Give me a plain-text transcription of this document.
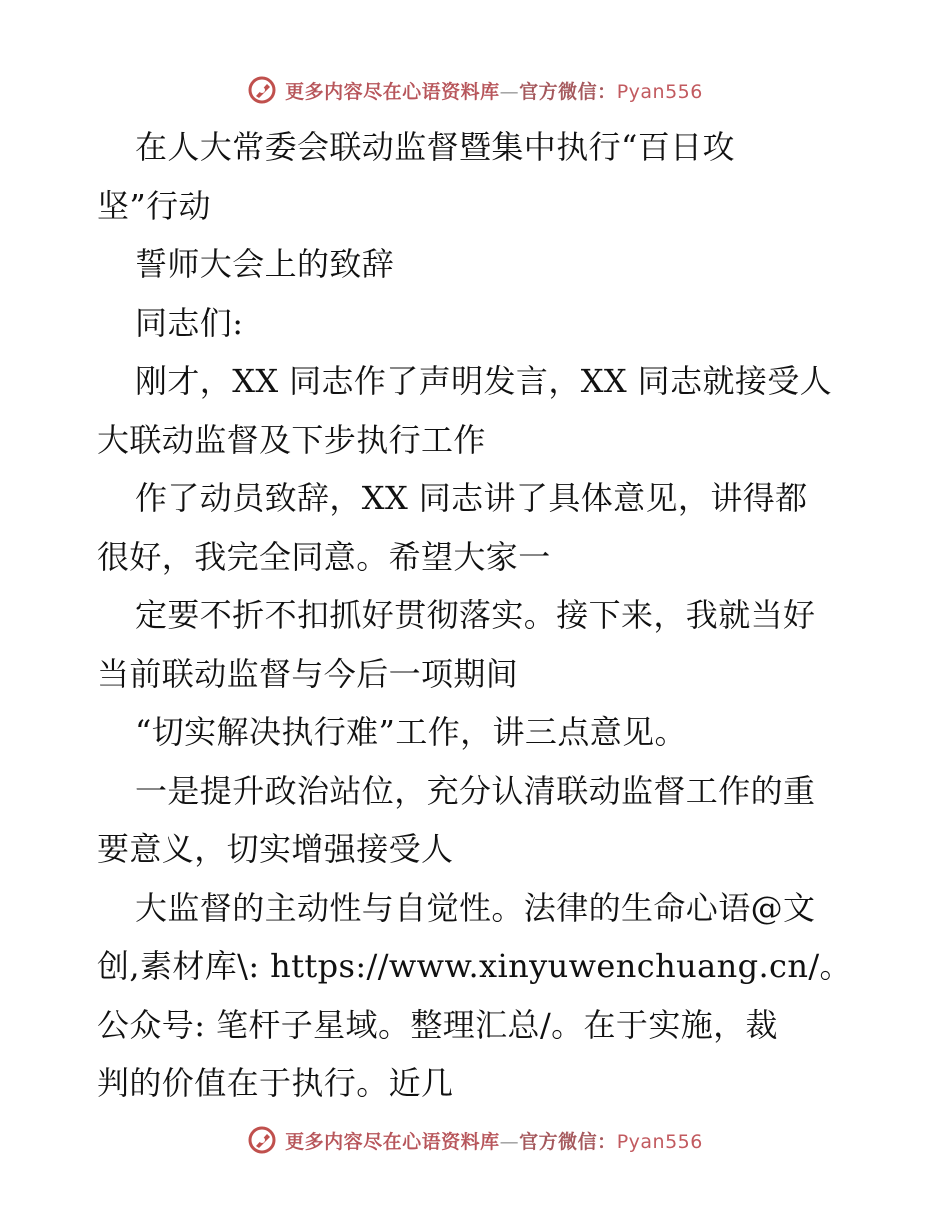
更多内容尽在心语资料库—官方微信：Pyan556

在人大常委会联动监督暨集中执行“百日攻

坚”行动

誓师大会上的致辞

同志们:

刚才，XX 同志作了声明发言，XX 同志就接受人

大联动监督及下步执行工作

作了动员致辞，XX 同志讲了具体意见，讲得都

很好，我完全同意。希望大家一

定要不折不扣抓好贯彻落实。接下来，我就当好

当前联动监督与今后一项期间

“切实解决执行难”工作，讲三点意见。

一是提升政治站位，充分认清联动监督工作的重

要意义，切实增强接受人

大监督的主动性与自觉性。法律的生命心语@文

创,素材库\: https://www.xinyuwenchuang.cn/。

公众号: 笔杆子星域。整理汇总/。在于实施，裁

判的价值在于执行。近几

更多内容尽在心语资料库—官方微信：Pyan556
